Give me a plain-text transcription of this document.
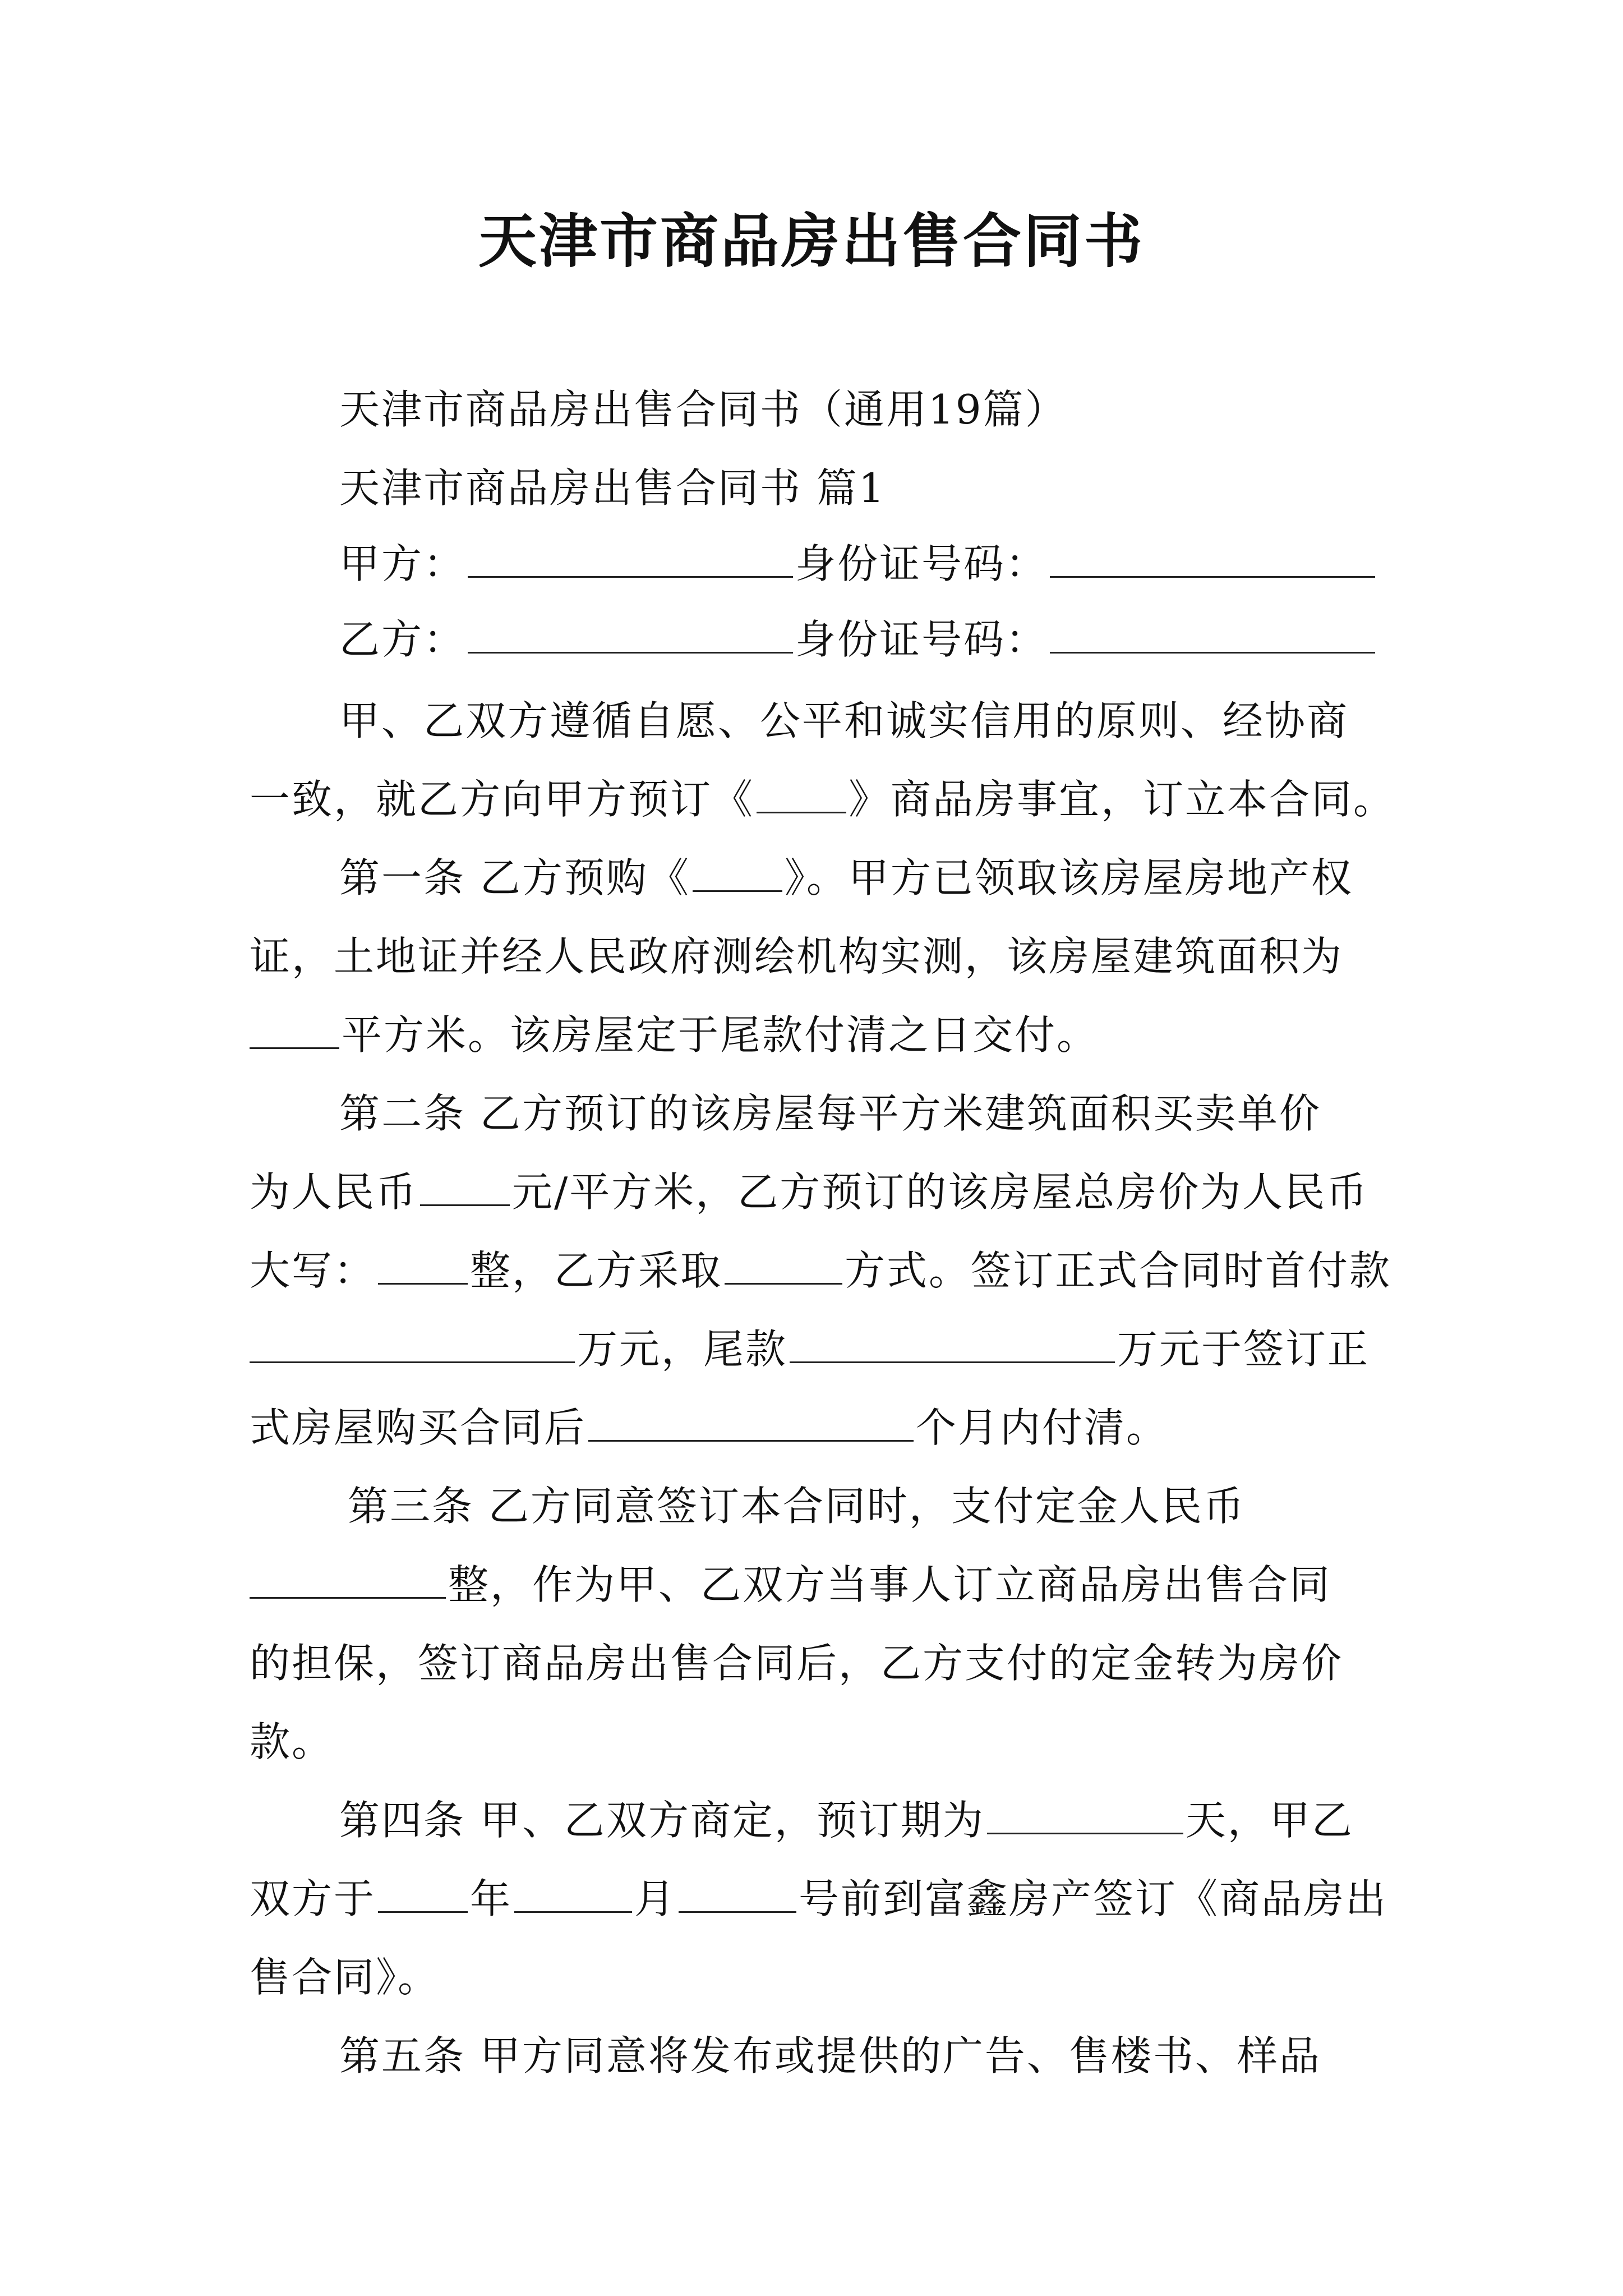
天津市商品房出售合同书
天津市商品房出售合同书（通用19篇）
天津市商品房出售合同书 篇1
甲方：	身份证号码：
乙方：	身份证号码：
甲、乙双方遵循自愿、公平和诚实信用的原则、经协商
一致，就乙方向甲方预订《 》商品房事宜，订立本合同。
第一条 乙方预购《 》。甲方已领取该房屋房地产权
证，土地证并经人民政府测绘机构实测，该房屋建筑面积为
平方米。该房屋定于尾款付清之日交付。
第二条 乙方预订的该房屋每平方米建筑面积买卖单价
为人民币 元/平方米，乙方预订的该房屋总房价为人民币
大写： 整，乙方采取	方式。签订正式合同时首付款
万元，尾款	万元于签订正
式房屋购买合同后	个月内付清。
第三条 乙方同意签订本合同时，支付定金人民币
整，作为甲、乙双方当事人订立商品房出售合同
的担保，签订商品房出售合同后，乙方支付的定金转为房价
款。
第四条 甲、乙双方商定，预订期为	天，甲乙
双方于 年	月	号前到富鑫房产签订《商品房出
售合同》。
第五条 甲方同意将发布或提供的广告、售楼书、样品
